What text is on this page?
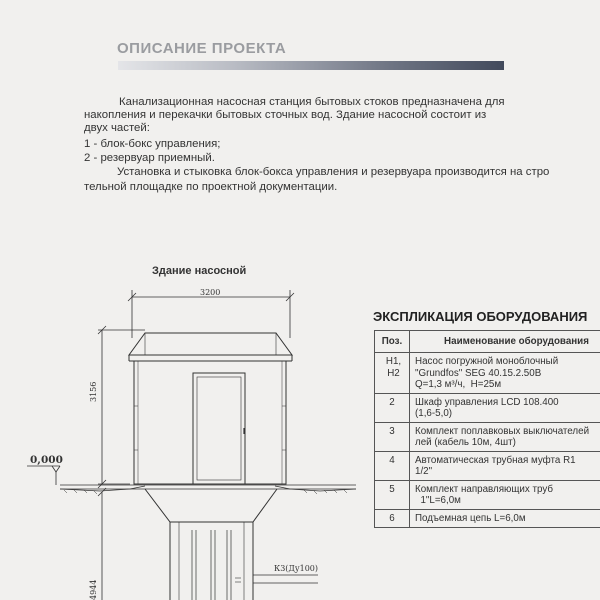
ОПИСАНИЕ ПРОЕКТА
Канализационная насосная станция бытовых стоков предназначена для
накопления и перекачки бытовых сточных вод. Здание насосной состоит из
двух частей:
1 - блок-бокс управления;
2 - резервуар приемный.
Установка и стыковка блок-бокса управления и резервуара производится на стро
тельной площадке по проектной документации.
Здание насосной
3200
3156
4944
0,000
К3(Ду100)
ЭКСПЛИКАЦИЯ ОБОРУДОВАНИЯ
Поз.	Наименование оборудования
H1,
H2	Насос погружной моноблочный
"Grundfos" SEG 40.15.2.50B
Q=1,3 м³/ч,  H=25м
2	Шкаф управления LCD 108.400
(1,6-5,0)
3	Комплект поплавковых выключателей
лей (кабель 10м, 4шт)
4	Автоматическая трубная муфта R1
1/2"
5	Комплект направляющих труб
1"L=6,0м
6	Подъемная цепь L=6,0м
